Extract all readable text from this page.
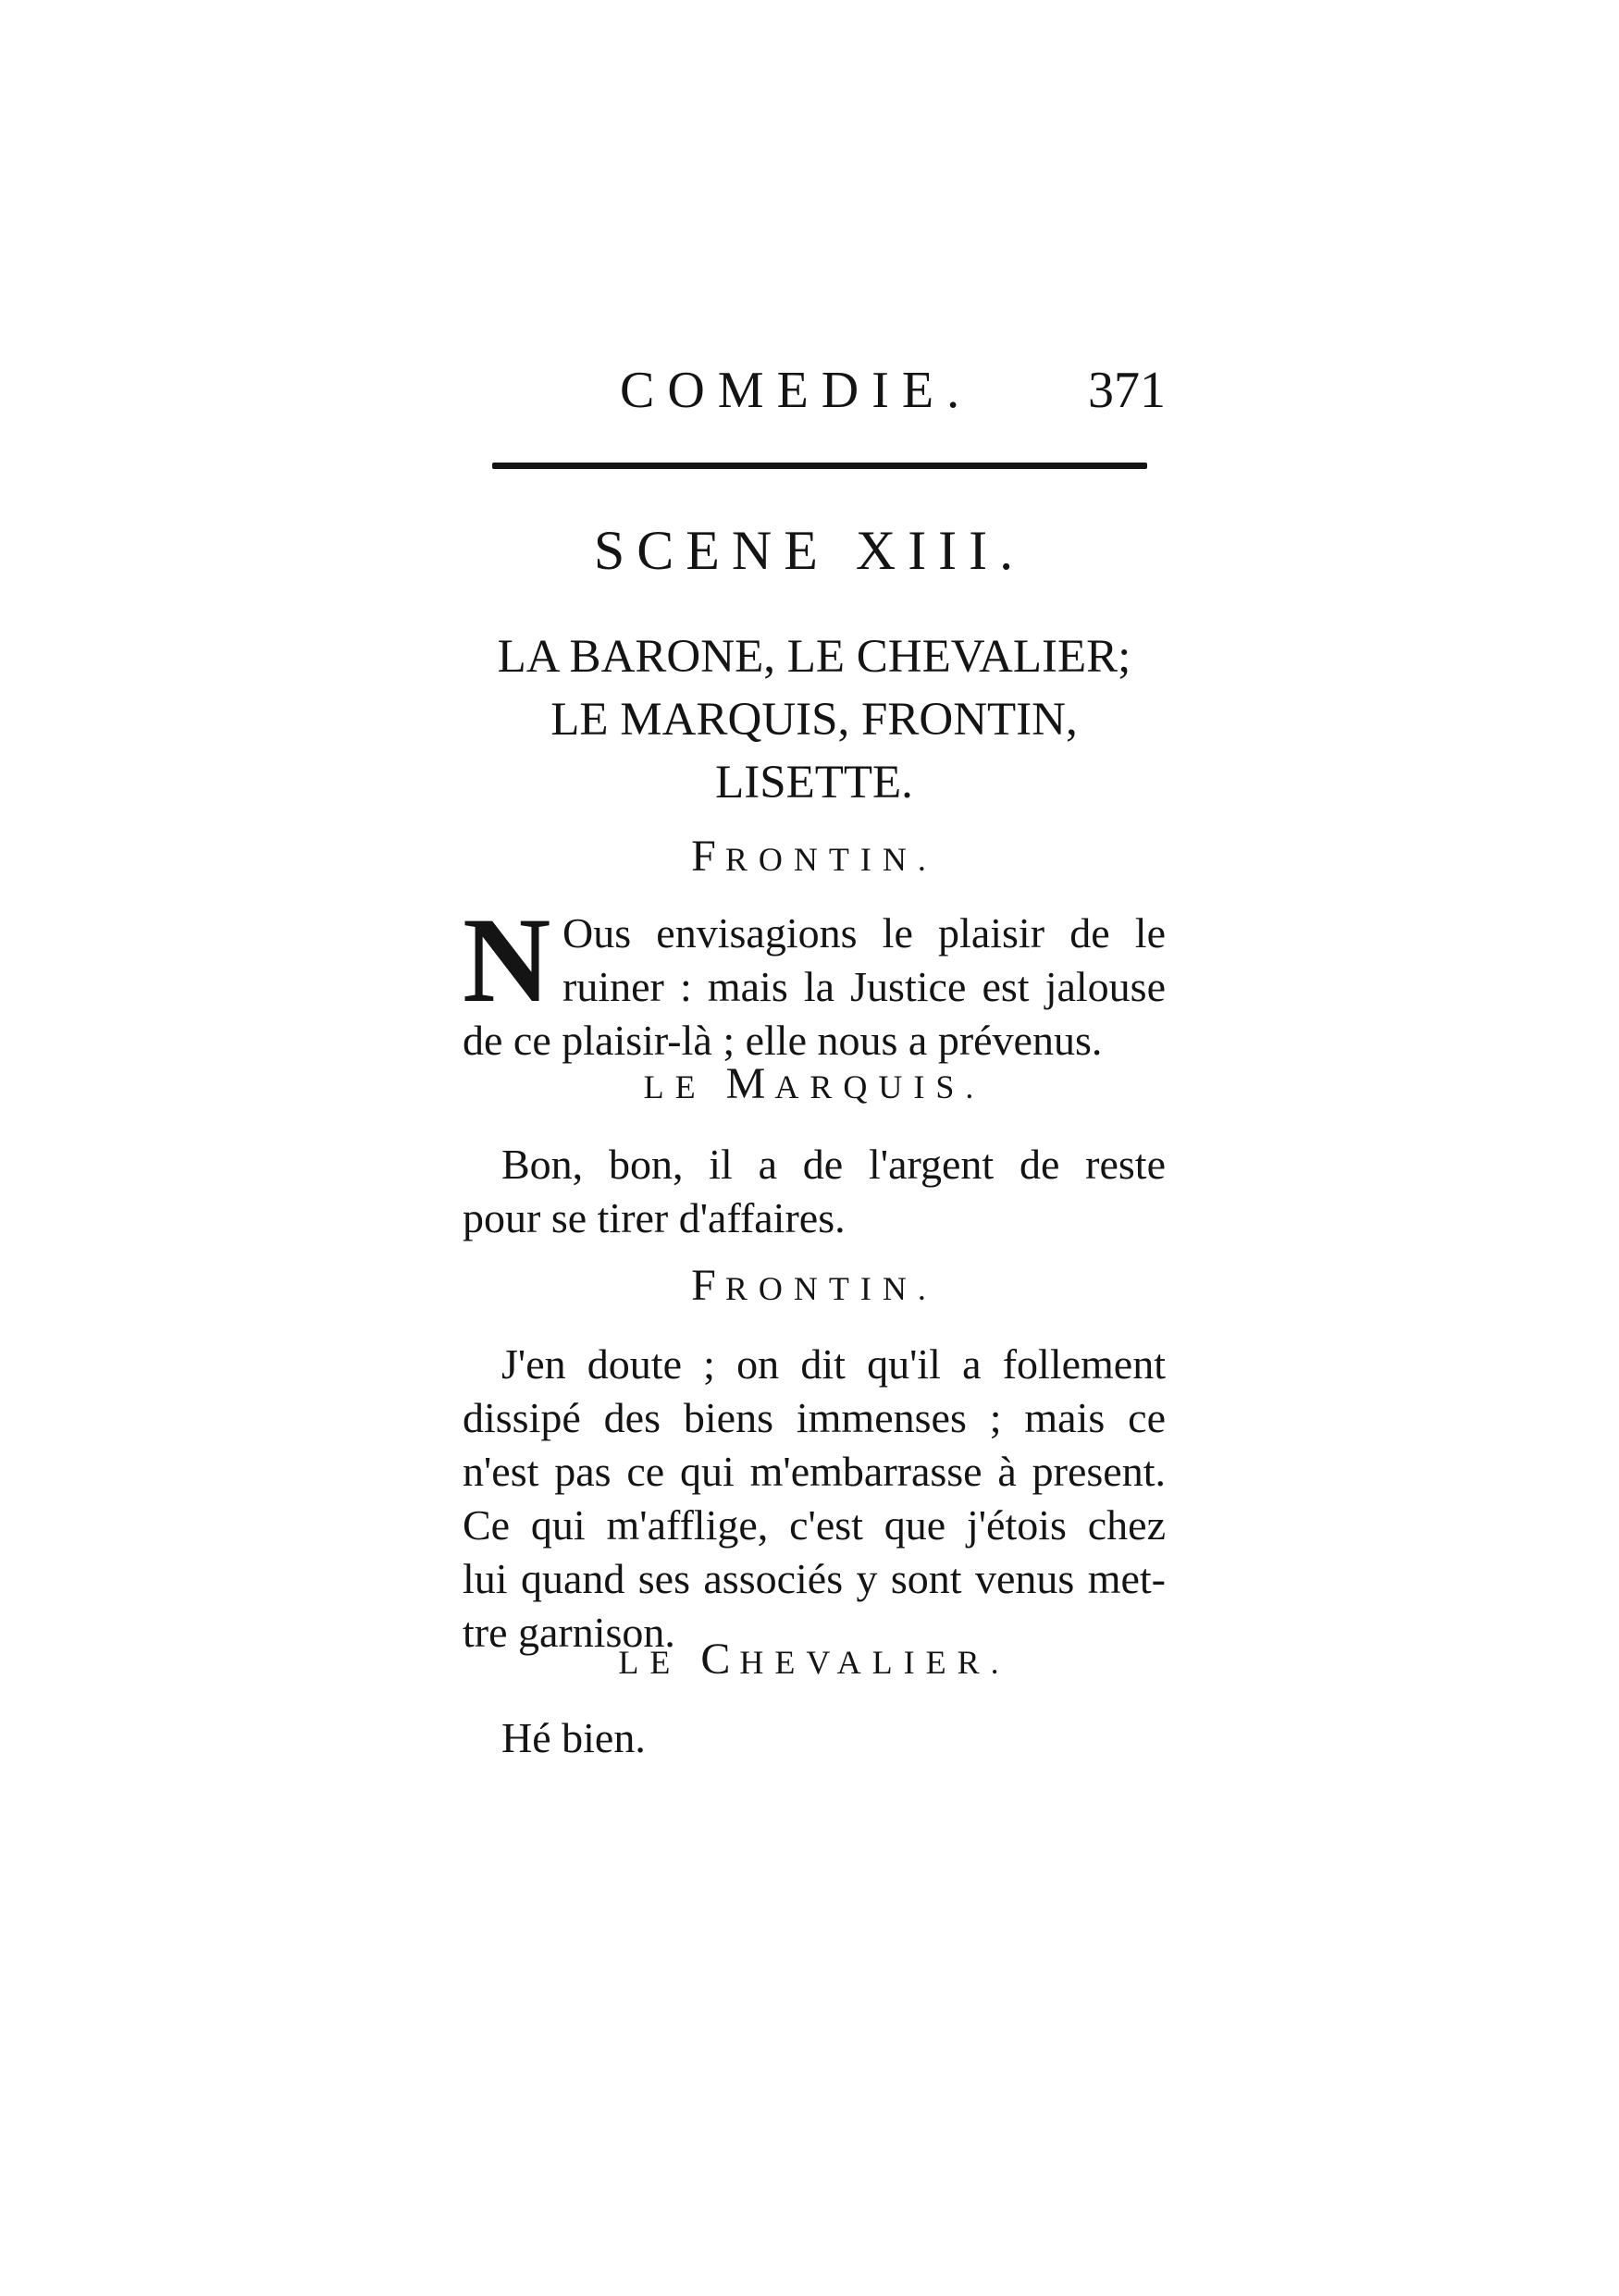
COMEDIE. 371
SCENE XIII.
LA BARONE, LE CHEVALIER;
LE MARQUIS, FRONTIN,
LISETTE.
FRONTIN.
N Ous envisagions le plaisir de le
ruiner : mais la Justice est jalouse
de ce plaisir-là ; elle nous a prévenus.
LE MARQUIS.
Bon, bon, il a de l'argent de reste
pour se tirer d'affaires.
FRONTIN.
J'en doute ; on dit qu'il a follement
dissipé des biens immenses ; mais ce
n'est pas ce qui m'embarrasse à present.
Ce qui m'afflige, c'est que j'étois chez
lui quand ses associés y sont venus met-
tre garnison.
LE CHEVALIER.
Hé bien.
